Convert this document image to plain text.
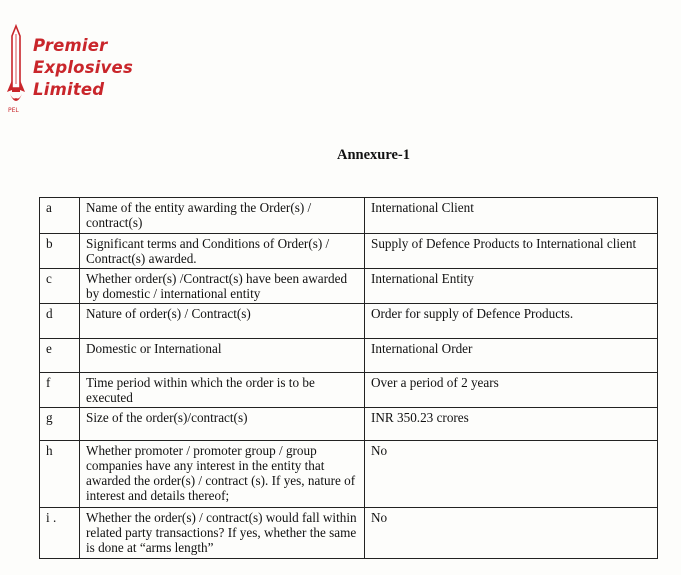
PEL
Premier
Explosives
Limited
Annexure-1
a	Name of the entity awarding the Order(s) / contract(s)	International Client
b	Significant terms and Conditions of Order(s) / Contract(s) awarded.	Supply of Defence Products to International client
c	Whether order(s) /Contract(s) have been awarded by domestic / international entity	International Entity
d	Nature of order(s) / Contract(s)	Order for supply of Defence Products.
e	Domestic or International	International Order
f	Time period within which the order is to be executed	Over a period of 2 years
g	Size of the order(s)/contract(s)	INR 350.23 crores
h	Whether promoter / promoter group / group companies have any interest in the entity that awarded the order(s) / contract (s). If yes, nature of interest and details thereof;	No
i .	Whether the order(s) / contract(s) would fall within related party transactions? If yes, whether the same is done at “arms length”	No
